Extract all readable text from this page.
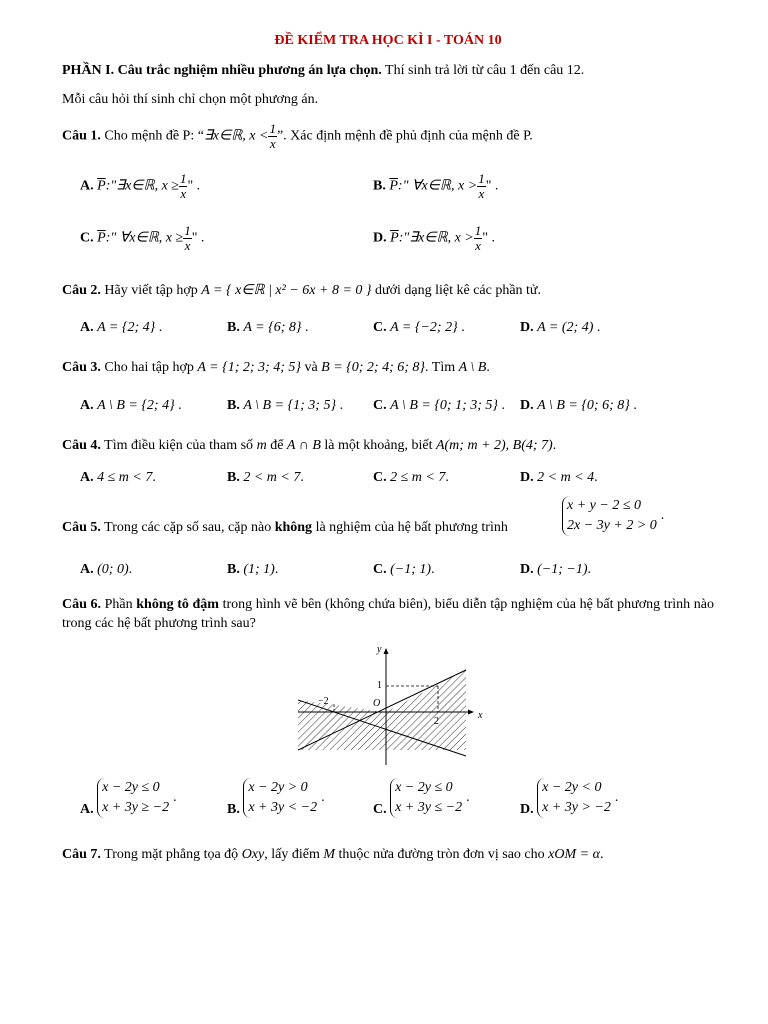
ĐỀ KIỂM TRA HỌC KÌ I - TOÁN 10
PHẦN I. Câu trắc nghiệm nhiều phương án lựa chọn. Thí sinh trả lời từ câu 1 đến câu 12.
Mỗi câu hỏi thí sinh chỉ chọn một phương án.
Câu 1. Cho mệnh đề P: “∃x∈ℝ, $x < \frac{1}{x}$ ”. Xác định mệnh đề phủ định của mệnh đề P.
A. $\overline{P}:"\exists x\in ℝ$, $x \ge \frac{1}{x}$ " .	B. $\overline{P}$:" ∀x∈ℝ, $x > \frac{1}{x}$ " .
C. $\overline{P}$:" ∀x∈ℝ, $x \ge \frac{1}{x}$ " .	D. $\overline{P}:"\exists x\in ℝ$, $x > \frac{1}{x}$ " .
Câu 2. Hãy viết tập hợp A = { x∈ℝ | x² − 6x + 8 = 0 } dưới dạng liệt kê các phần tử.
A. A = {2; 4} .	B. A = {6; 8} .	C. A = {−2; 2} .	D. A = (2; 4) .
Câu 3. Cho hai tập hợp A = {1; 2; 3; 4; 5} và B = {0; 2; 4; 6; 8}. Tìm A \ B.
A. A \ B = {2; 4} .	B. A \ B = {1; 3; 5} . C. A \ B = {0; 1; 3; 5} . D. A \ B = {0; 6; 8} .
Câu 4. Tìm điều kiện của tham số m để A ∩ B là một khoảng, biết A(m; m + 2), B(4; 7).
A. 4 ≤ m < 7.	B. 2 < m < 7.	C. 2 ≤ m < 7.	D. 2 < m < 4.
Câu 5. Trong các cặp số sau, cặp nào không là nghiệm của hệ bất phương trình
x + y − 2 ≤ 0
2x − 3y + 2 > 0
.
A. (0; 0).	B. (1; 1).	C. (−1; 1).	D. (−1; −1).
Câu 6. Phần không tô đậm trong hình vẽ bên (không chứa biên), biểu diễn tập nghiệm của hệ bất phương trình nào trong các hệ bất phương trình sau?
y
x
O
1
−2
2
A.
x − 2y ≤ 0
x + 3y ≥ −2
.
B.
x − 2y > 0
x + 3y < −2
.
C.
x − 2y ≤ 0
x + 3y ≤ −2
.
D.
x − 2y < 0
x + 3y > −2
.
Câu 7. Trong mặt phẳng tọa độ Oxy, lấy điểm M thuộc nửa đường tròn đơn vị sao cho xOM = α.
